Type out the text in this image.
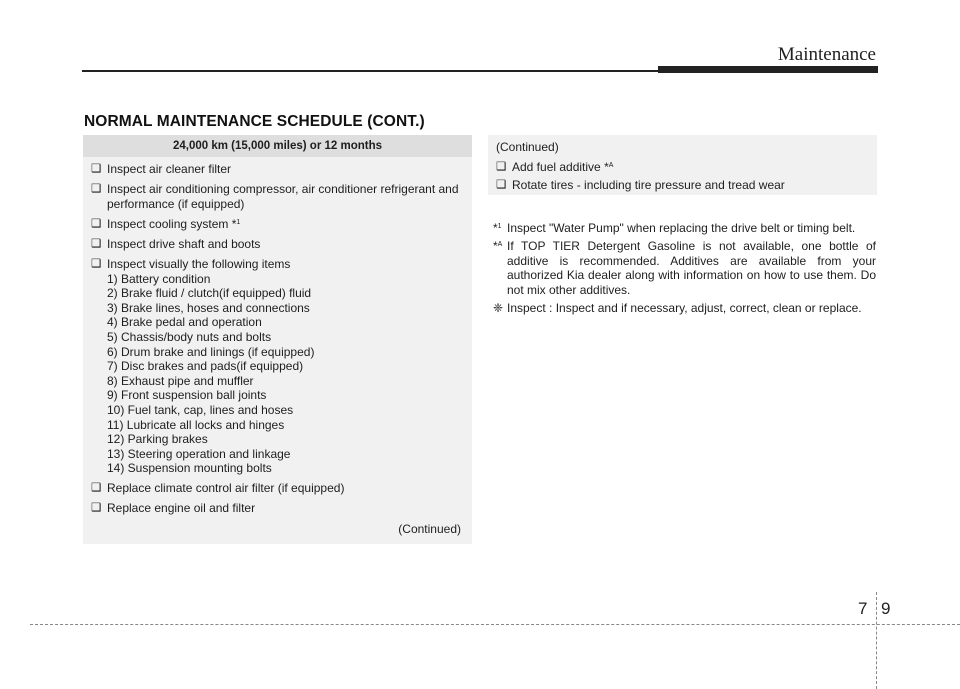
Maintenance
NORMAL MAINTENANCE SCHEDULE (CONT.)
24,000 km (15,000 miles) or 12 months
❑ Inspect air cleaner filter
❑ Inspect air conditioning compressor, air conditioner refrigerant and performance (if equipped)
❑ Inspect cooling system *$^1$
❑ Inspect drive shaft and boots
❑ Inspect visually the following items
1) Battery condition
2) Brake fluid / clutch(if equipped) fluid
3) Brake lines, hoses and connections
4) Brake pedal and operation
5) Chassis/body nuts and bolts
6) Drum brake and linings (if equipped)
7) Disc brakes and pads(if equipped)
8) Exhaust pipe and muffler
9) Front suspension ball joints
10) Fuel tank, cap, lines and hoses
11) Lubricate all locks and hinges
12) Parking brakes
13) Steering operation and linkage
14) Suspension mounting bolts
❑ Replace climate control air filter (if equipped)
❑ Replace engine oil and filter
(Continued)
(Continued)
❑ Add fuel additive *$^A$
❑ Rotate tires - including tire pressure and tread wear
*$^1$ Inspect "Water Pump" when replacing the drive belt or timing belt.
*$^A$ If TOP TIER Detergent Gasoline is not available, one bottle of additive is recommended. Additives are available from your authorized Kia dealer along with information on how to use them. Do not mix other additives.
❈ Inspect : Inspect and if necessary, adjust, correct, clean or replace.
7 9
